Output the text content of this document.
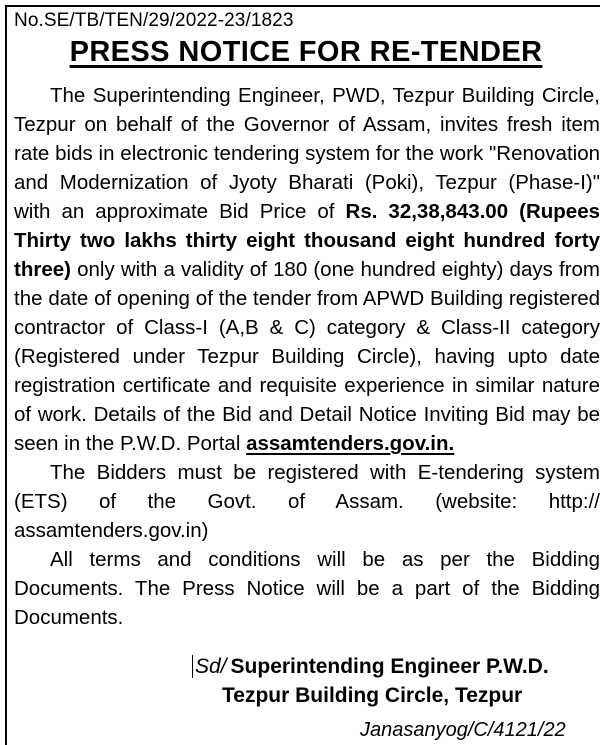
No.SE/TB/TEN/29/2022-23/1823
PRESS NOTICE FOR RE-TENDER

The Superintending Engineer, PWD, Tezpur Building Circle, Tezpur on behalf of the Governor of Assam, invites fresh item rate bids in electronic tendering system for the work "Renovation and Modernization of Jyoty Bharati (Poki), Tezpur (Phase-I)" with an approximate Bid Price of Rs. 32,38,843.00 (Rupees Thirty two lakhs thirty eight thousand eight hundred forty three) only with a validity of 180 (one hundred eighty) days from the date of opening of the tender from APWD Building registered contractor of Class-I (A,B & C) category & Class-II category (Registered under Tezpur Building Circle), having upto date registration certificate and requisite experience in similar nature of work. Details of the Bid and Detail Notice Inviting Bid may be seen in the P.W.D. Portal assamtenders.gov.in.

The Bidders must be registered with E-tendering system (ETS) of the Govt. of Assam. (website: http:// assamtenders.gov.in)

All terms and conditions will be as per the Bidding Documents. The Press Notice will be a part of the Bidding Documents.

Sd/ Superintending Engineer P.W.D.
Tezpur Building Circle, Tezpur
Janasanyog/C/4121/22
